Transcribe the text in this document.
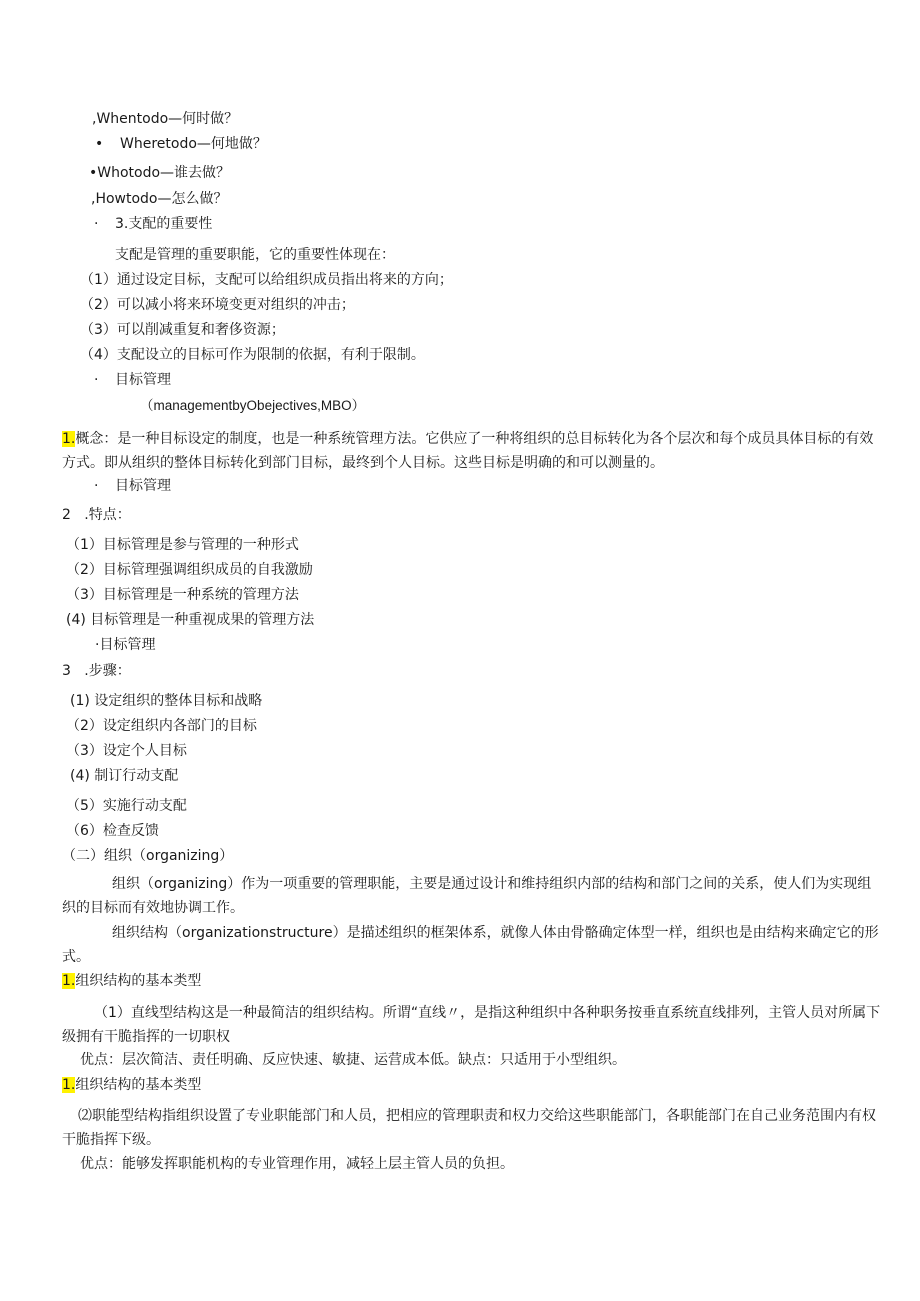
,Whentodo—何时做？
• Wheretodo—何地做？
•Whotodo—谁去做？
,Howtodo—怎么做？
· 3.支配的重要性
支配是管理的重要职能，它的重要性体现在：
（1）通过设定目标，支配可以给组织成员指出将来的方向；
（2）可以减小将来环境变更对组织的冲击；
（3）可以削减重复和奢侈资源；
（4）支配设立的目标可作为限制的依据，有利于限制。
· 目标管理
（managementbyObejectives,MBO）
1.概念：是一种目标设定的制度，也是一种系统管理方法。它供应了一种将组织的总目标转化为各个层次和每个成员具体目标的有效方式。即从组织的整体目标转化到部门目标，最终到个人目标。这些目标是明确的和可以测量的。
· 目标管理
2   .特点：
（1）目标管理是参与管理的一种形式
（2）目标管理强调组织成员的自我激励
（3）目标管理是一种系统的管理方法
(4) 目标管理是一种重视成果的管理方法
·目标管理
3   .步骤：
(1) 设定组织的整体目标和战略
（2）设定组织内各部门的目标
（3）设定个人目标
(4) 制订行动支配
（5）实施行动支配
（6）检查反馈
（二）组织（organizing）
组织（organizing）作为一项重要的管理职能，主要是通过设计和维持组织内部的结构和部门之间的关系，使人们为实现组织的目标而有效地协调工作。
组织结构（organizationstructure）是描述组织的框架体系，就像人体由骨骼确定体型一样，组织也是由结构来确定它的形式。
1.组织结构的基本类型
（1）直线型结构这是一种最简洁的组织结构。所谓“直线〃，是指这种组织中各种职务按垂直系统直线排列，主管人员对所属下级拥有干脆指挥的一切职权
优点：层次简洁、责任明确、反应快速、敏捷、运营成本低。缺点：只适用于小型组织。
1.组织结构的基本类型
⑵职能型结构指组织设置了专业职能部门和人员，把相应的管理职责和权力交给这些职能部门，各职能部门在自己业务范围内有权干脆指挥下级。
优点：能够发挥职能机构的专业管理作用，减轻上层主管人员的负担。
